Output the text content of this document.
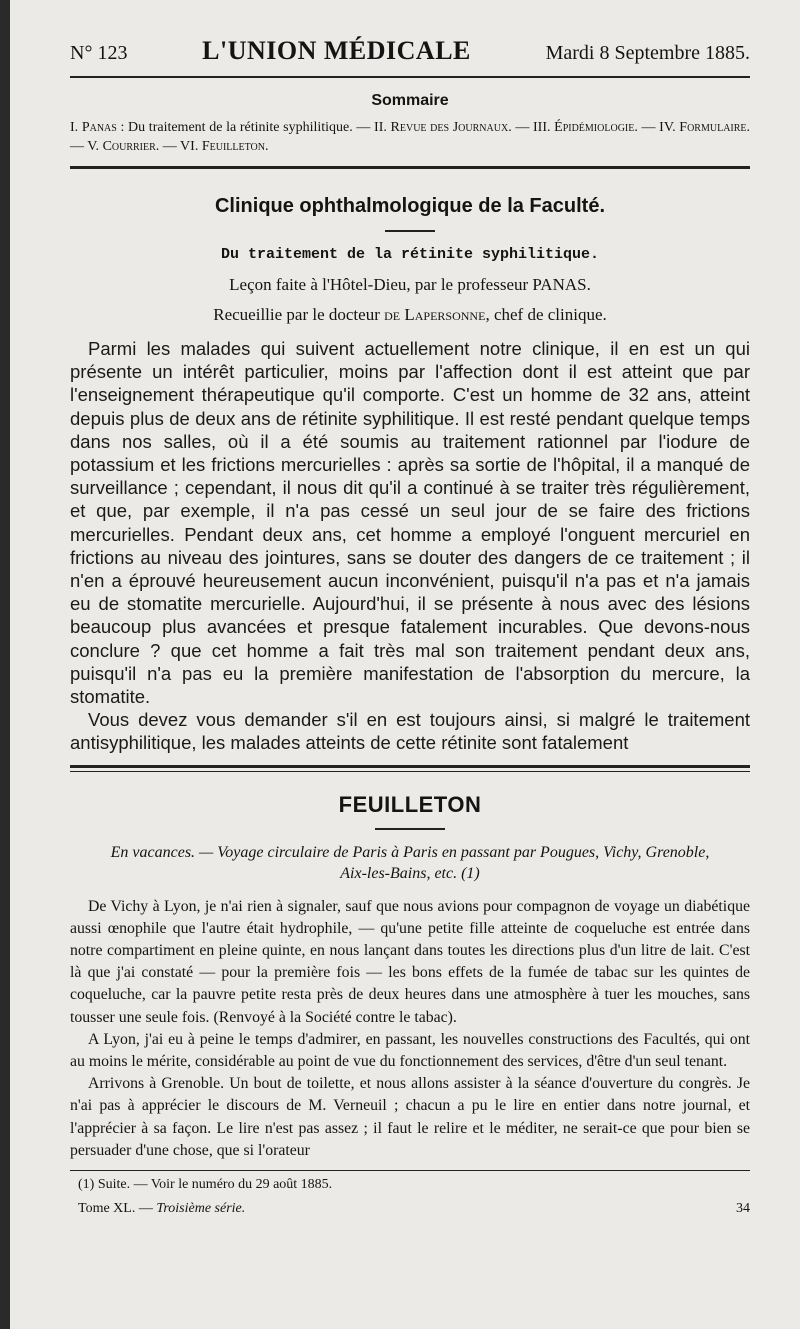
N° 123	L'UNION MÉDICALE	Mardi 8 Septembre 1885.
Sommaire
I. Panas : Du traitement de la rétinite syphilitique. — II. Revue des Journaux. — III. Épidémiologie. — IV. Formulaire. — V. Courrier. — VI. Feuilleton.
Clinique ophthalmologique de la Faculté.
Du traitement de la rétinite syphilitique.
Leçon faite à l'Hôtel-Dieu, par le professeur PANAS.
Recueillie par le docteur de Lapersonne, chef de clinique.

Parmi les malades qui suivent actuellement notre clinique, il en est un qui présente un intérêt particulier, moins par l'affection dont il est atteint que par l'enseignement thérapeutique qu'il comporte. C'est un homme de 32 ans, atteint depuis plus de deux ans de rétinite syphilitique. Il est resté pendant quelque temps dans nos salles, où il a été soumis au traitement rationnel par l'iodure de potassium et les frictions mercurielles : après sa sortie de l'hôpital, il a manqué de surveillance ; cependant, il nous dit qu'il a continué à se traiter très régulièrement, et que, par exemple, il n'a pas cessé un seul jour de se faire des frictions mercurielles. Pendant deux ans, cet homme a employé l'onguent mercuriel en frictions au niveau des jointures, sans se douter des dangers de ce traitement ; il n'en a éprouvé heureusement aucun inconvénient, puisqu'il n'a pas et n'a jamais eu de stomatite mercurielle. Aujourd'hui, il se présente à nous avec des lésions beaucoup plus avancées et presque fatalement incurables. Que devons-nous conclure ? que cet homme a fait très mal son traitement pendant deux ans, puisqu'il n'a pas eu la première manifestation de l'absorption du mercure, la stomatite.

Vous devez vous demander s'il en est toujours ainsi, si malgré le traitement antisyphilitique, les malades atteints de cette rétinite sont fatalement

FEUILLETON
En vacances. — Voyage circulaire de Paris à Paris en passant par Pougues, Vichy, Grenoble,
Aix-les-Bains, etc. (1)

De Vichy à Lyon, je n'ai rien à signaler, sauf que nous avions pour compagnon de voyage un diabétique aussi œnophile que l'autre était hydrophile, — qu'une petite fille atteinte de coqueluche est entrée dans notre compartiment en pleine quinte, en nous lançant dans toutes les directions plus d'un litre de lait. C'est là que j'ai constaté — pour la première fois — les bons effets de la fumée de tabac sur les quintes de coqueluche, car la pauvre petite resta près de deux heures dans une atmosphère à tuer les mouches, sans tousser une seule fois. (Renvoyé à la Société contre le tabac).

A Lyon, j'ai eu à peine le temps d'admirer, en passant, les nouvelles constructions des Facultés, qui ont au moins le mérite, considérable au point de vue du fonctionnement des services, d'être d'un seul tenant.

Arrivons à Grenoble. Un bout de toilette, et nous allons assister à la séance d'ouverture du congrès. Je n'ai pas à apprécier le discours de M. Verneuil ; chacun a pu le lire en entier dans notre journal, et l'apprécier à sa façon. Le lire n'est pas assez ; il faut le relire et le méditer, ne serait-ce que pour bien se persuader d'une chose, que si l'orateur

(1) Suite. — Voir le numéro du 29 août 1885.
Tome XL. — Troisième série.	34
